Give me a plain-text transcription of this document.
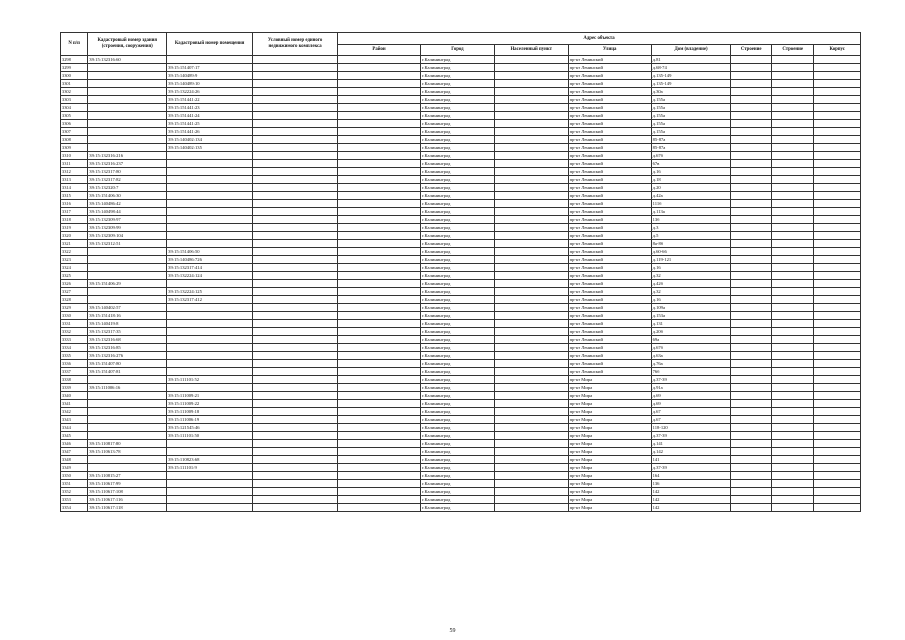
N п/п	Кадастровый номер здания (строения, сооружения)	Кадастровый номер помещения	Условный номер единого недвижимого комплекса	Адрес объекта							
				Район	Город	Населенный пункт	Улица	Дом (владение)	Строение	Строение	Корпус
3298	39:15:132316:60				г.Калининград		пр-кт Ленинский	д.81			
3299		39:15:151407:17			г.Калининград		пр-кт Ленинский	д.68-74			
3300		39:15:140489:9			г.Калининград		пр-кт Ленинский	д.135-149			
3301		39:15:140489:10			г.Калининград		пр-кт Ленинский	д.135-149			
3302		39:15:132224:26			г.Калининград		пр-кт Ленинский	д.30а			
3303		39:15:151441:22			г.Калининград		пр-кт Ленинский	д.155а			
3304		39:15:151441:23			г.Калининград		пр-кт Ленинский	д.155а			
3305		39:15:151441:24			г.Калининград		пр-кт Ленинский	д.155а			
3306		39:15:151441:25			г.Калининград		пр-кт Ленинский	д.155а			
3307		39:15:151441:26			г.Калининград		пр-кт Ленинский	д.155а			
3308		39:15:140402:134			г.Калининград		пр-кт Ленинский	85-87а			
3309		39:15:140402:135			г.Калининград		пр-кт Ленинский	85-87а			
3310	39:15:132316:216				г.Калининград		пр-кт Ленинский	д.67б			
3311	39:15:132316:237				г.Калининград		пр-кт Ленинский	67в			
3312	39:15:132317:80				г.Калининград		пр-кт Ленинский	д.16			
3313	39:15:132317:82				г.Калининград		пр-кт Ленинский	д.18			
3314	39:15:132320:7				г.Калининград		пр-кт Ленинский	д.20			
3315	39:15:151406:30				г.Калининград		пр-кт Ленинский	д.42а			
3316	39:15:140486:42				г.Калининград		пр-кт Ленинский	111б			
3317	39:15:140498:44				г.Калининград		пр-кт Ленинский	д.113а			
3318	39:15:132309:97				г.Калининград		пр-кт Ленинский	13б			
3319	39:15:132309:99				г.Калининград		пр-кт Ленинский	д.3			
3320	39:15:132309:104				г.Калининград		пр-кт Ленинский	д.5			
3321	39:15:132312:51				г.Калининград		пр-кт Ленинский	8а-8б			
3322		39:15:151406:50			г.Калининград		пр-кт Ленинский	д.60-66			
3323		39:15:140486:726			г.Калининград		пр-кт Ленинский	д.119-121			
3324		39:15:132317:414			г.Калининград		пр-кт Ленинский	д.16			
3325		39:15:132224:124			г.Калининград		пр-кт Ленинский	д.32			
3326	39:15:151406:29				г.Калининград		пр-кт Ленинский	д.42б			
3327		39:15:132224:125			г.Калининград		пр-кт Ленинский	д.32			
3328		39:15:132317:412			г.Калининград		пр-кт Ленинский	д.16			
3329	39:15:140402:57				г.Калининград		пр-кт Ленинский	д.109а			
3330	39:15:151418:16				г.Калининград		пр-кт Ленинский	д.153а			
3331	39:15:140419:8				г.Калининград		пр-кт Ленинский	д.131			
3332	39:15:132317:35				г.Калининград		пр-кт Ленинский	д.20б			
3333	39:15:132316:68				г.Калининград		пр-кт Ленинский	69а			
3334	39:15:132316:85				г.Калининград		пр-кт Ленинский	д.67б			
3335	39:15:132316:276				г.Калининград		пр-кт Ленинский	д.63а			
3336	39:15:151407:80				г.Калининград		пр-кт Ленинский	д.76а			
3337	39:15:151407:81				г.Калининград		пр-кт Ленинский	76б			
3338		39:15:111101:52			г.Калининград		пр-кт Мира	д.37-39			
3339	39:15:111006:16				г.Калининград		пр-кт Мира	д.91а			
3340		39:15:111009:21			г.Калининград		пр-кт Мира	д.69			
3341		39:15:111009:22			г.Калининград		пр-кт Мира	д.69			
3342		39:15:111009:18			г.Калининград		пр-кт Мира	д.67			
3343		39:15:111006:19			г.Калининград		пр-кт Мира	д.67			
3344		39:15:121545:46			г.Калининград		пр-кт Мира	118-120			
3345		39:15:111101:50			г.Калининград		пр-кт Мира	д.37-39			
3346	39:15:110817:80				г.Калининград		пр-кт Мира	д.141			
3347	39:15:110613:78				г.Калининград		пр-кт Мира	д.142			
3348		39:15:110823:68			г.Калининград		пр-кт Мира	141			
3349		39:15:111101:9			г.Калининград		пр-кт Мира	д.37-39			
3350	39:15:110815:27				г.Калининград		пр-кт Мира	164			
3351	39:15:110617:99				г.Калининград		пр-кт Мира	136			
3352	39:15:110617:108				г.Калининград		пр-кт Мира	142			
3353	39:15:110617:116				г.Калининград		пр-кт Мира	142			
3354	39:15:110617:118				г.Калининград		пр-кт Мира	142			
59
